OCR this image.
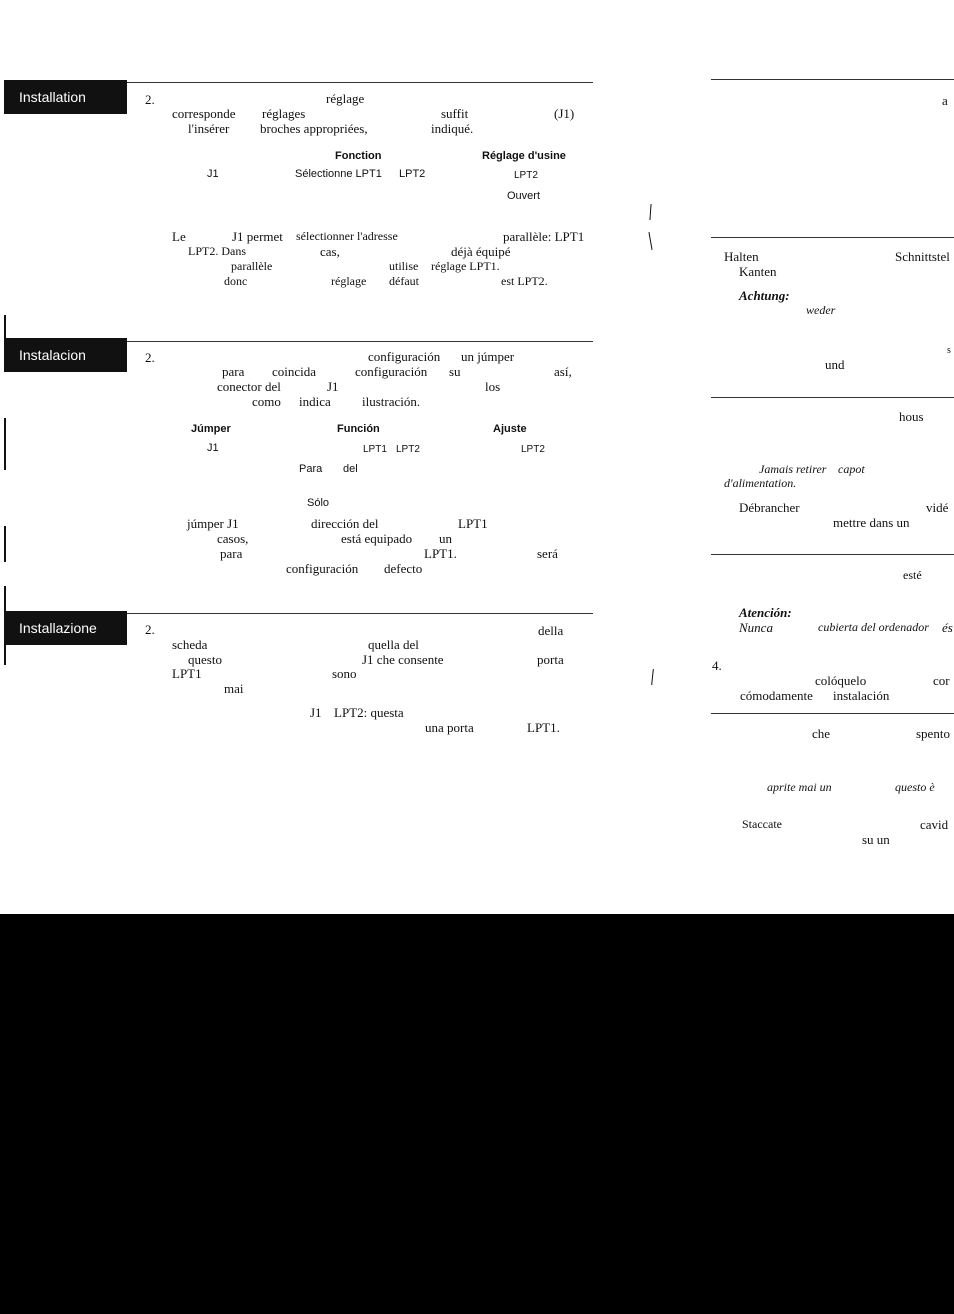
Installation	2.	réglage
corresponde réglages	suffit	(J1)
l'insérer broches appropriées,	indiqué.
Fonction	Réglage d'usine
J1	Sélectionne LPT1 LPT2	LPT2
Ouvert
Le	J1 permet sélectionner l'adresse	parallèle: LPT1
LPT2. Dans	cas,	déjà équipé
parallèle	utilise réglage LPT1.
donc	réglage défaut	est LPT2.
Instalacion	2.	configuración un júmper
para coincida	configuración su	así,
conector del	J1	los
como indica ilustración.
Júmper	Función	Ajuste
J1	LPT1 LPT2	LPT2
Para del
Sólo
júmper J1	dirección del	LPT1
casos,	está equipado un
para	LPT1.	será
configuración defecto
Installazione	2.	della
scheda	quella del
questo	J1 che consente	porta
LPT1	sono
mai
J1 LPT2: questa
una porta	LPT1.
a
Halten	Schnittstel
Kanten
Achtung:
weder
s
und
hous
Jamais retirer capot
d'alimentation.
Débrancher	vidé
mettre dans un
esté
Atención:
Nunca	cubierta del ordenador és
4.
colóquelo	cor
cómodamente instalación
che	spento
aprite mai un	questo è
Staccate	cavid
su un
